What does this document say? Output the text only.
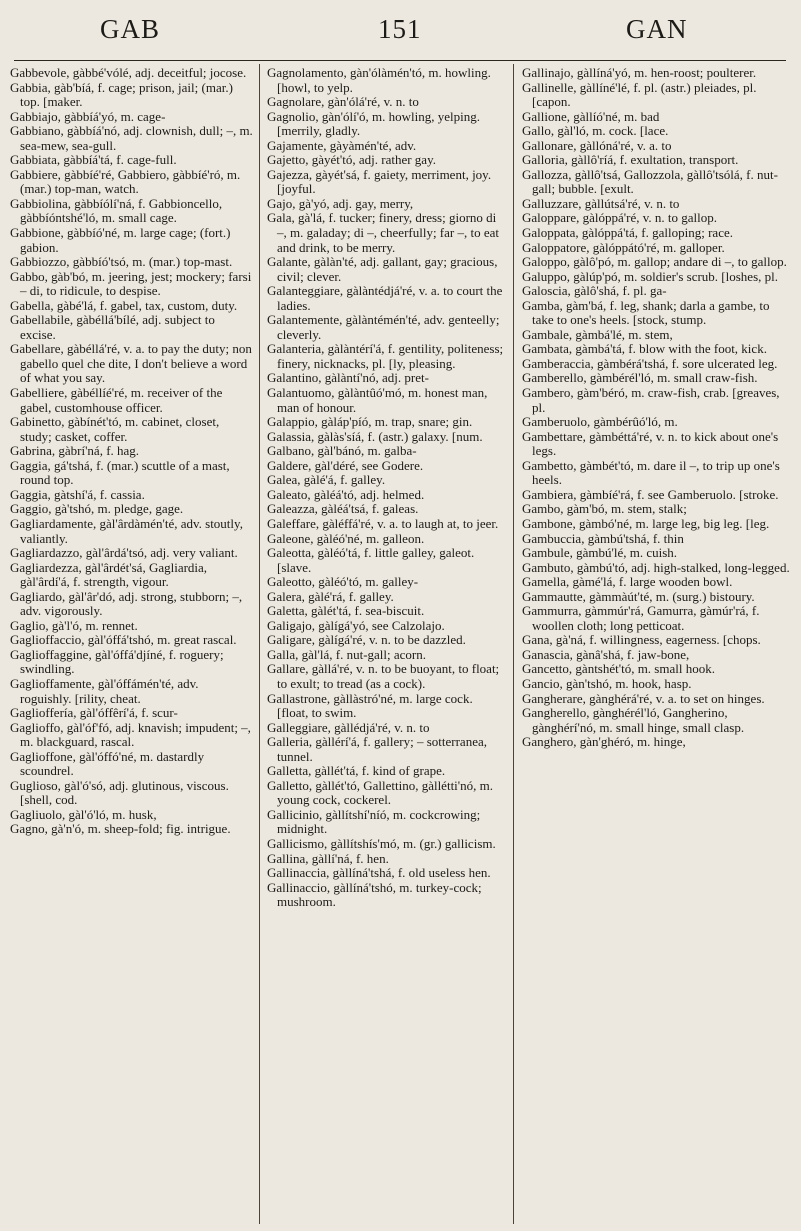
GAB	151	GAN

Gabbevole, gàbbé'vólé, adj. deceitful; jocose.

Gabbia, gàb'bíá, f. cage; prison, jail; (mar.) top. [maker.

Gabbiajo, gàbbíá'yó, m. cage-

Gabbiano, gàbbíá'nó, adj. clownish, dull; –, m. sea-mew, sea-gull.

Gabbiata, gàbbíá'tá, f. cage-full.

Gabbiere, gàbbíé'ré, Gabbiero, gàbbíé'ró, m. (mar.) top-man, watch.

Gabbiolina, gàbbíólí'ná, f. Gabbioncello, gàbbíóntshé'ló, m. small cage.

Gabbione, gàbbíó'né, m. large cage; (fort.) gabion.

Gabbiozzo, gàbbíó'tsó, m. (mar.) top-mast.

Gabbo, gàb'bó, m. jeering, jest; mockery; farsi – di, to ridicule, to despise.

Gabella, gàbé'lá, f. gabel, tax, custom, duty.

Gabellabile, gàbéllá'bílé, adj. subject to excise.

Gabellare, gàbéllá'ré, v. a. to pay the duty; non gabello quel che dite, I don't believe a word of what you say.

Gabelliere, gàbéllíé'ré, m. receiver of the gabel, customhouse officer.

Gabinetto, gàbínét'tó, m. cabinet, closet, study; casket, coffer.

Gabrina, gàbrí'ná, f. hag.

Gaggia, gá'tshá, f. (mar.) scuttle of a mast, round top.

Gaggia, gàtshí'á, f. cassia.

Gaggio, gà'tshó, m. pledge, gage.

Gagliardamente, gàl'ârdàmén'té, adv. stoutly, valiantly.

Gagliardazzo, gàl'ârdá'tsó, adj. very valiant.

Gagliardezza, gàl'ârdét'sá, Gagliardia, gàl'ârdí'á, f. strength, vigour.

Gagliardo, gàl'âr'dó, adj. strong, stubborn; –, adv. vigorously.

Gaglio, gà'l'ó, m. rennet.

Gaglioffaccio, gàl'óffá'tshó, m. great rascal.

Gaglioffaggine, gàl'óffá'djíné, f. roguery; swindling.

Gaglioffamente, gàl'óffámén'té, adv. roguishly. [rility, cheat.

Gaglioffería, gàl'óffêrí'á, f. scur-

Gaglioffo, gàl'óf'fó, adj. knavish; impudent; –, m. blackguard, rascal.

Gaglioffone, gàl'óffó'né, m. dastardly scoundrel.

Guglioso, gàl'ó'só, adj. glutinous, viscous. [shell, cod.

Gagliuolo, gàl'ó'ló, m. husk,

Gagno, gà'n'ó, m. sheep-fold; fig. intrigue.

Gagnolamento, gàn'ólàmén'tó, m. howling. [howl, to yelp.

Gagnolare, gàn'ólá'ré, v. n. to

Gagnolio, gàn'ólí'ó, m. howling, yelping. [merrily, gladly.

Gajamente, gàyàmén'té, adv.

Gajetto, gàyét'tó, adj. rather gay.

Gajezza, gàyét'sá, f. gaiety, merriment, joy. [joyful.

Gajo, gà'yó, adj. gay, merry,

Gala, gà'lá, f. tucker; finery, dress; giorno di –, m. galaday; di –, cheerfully; far –, to eat and drink, to be merry.

Galante, gàlàn'té, adj. gallant, gay; gracious, civil; clever.

Galanteggiare, gàlàntédjá'ré, v. a. to court the ladies.

Galantemente, gàlàntémén'té, adv. genteelly; cleverly.

Galanteria, gàlàntérí'á, f. gentility, politeness; finery, nicknacks, pl. [ly, pleasing.

Galantino, gàlàntí'nó, adj. pret-

Galantuomo, gàlàntûó'mó, m. honest man, man of honour.

Galappio, gàláp'píó, m. trap, snare; gin.

Galassia, gàlàs'síá, f. (astr.) galaxy. [num.

Galbano, gàl'bánó, m. galba-

Galdere, gàl'déré, see Godere.

Galea, gàlé'á, f. galley.

Galeato, gàléá'tó, adj. helmed.

Galeazza, gàléá'tsá, f. galeas.

Galeffare, gàléffá'ré, v. a. to laugh at, to jeer.

Galeone, gàléó'né, m. galleon.

Galeotta, gàléó'tá, f. little galley, galeot. [slave.

Galeotto, gàléó'tó, m. galley-

Galera, gàlé'rá, f. galley.

Galetta, gàlét'tá, f. sea-biscuit.

Galigajo, gàlígá'yó, see Calzolajo.

Galigare, gàlígá'ré, v. n. to be dazzled.

Galla, gàl'lá, f. nut-gall; acorn.

Gallare, gàllá'ré, v. n. to be buoyant, to float; to exult; to tread (as a cock).

Gallastrone, gàllàstró'né, m. large cock. [float, to swim.

Galleggiare, gàllédjá'ré, v. n. to

Galleria, gàllérí'á, f. gallery; – sotterranea, tunnel.

Galletta, gàllét'tá, f. kind of grape.

Galletto, gàllét'tó, Gallettino, gàllétti'nó, m. young cock, cockerel.

Gallicinio, gàllítshí'níó, m. cockcrowing; midnight.

Gallicismo, gàllítshís'mó, m. (gr.) gallicism.

Gallina, gàllí'ná, f. hen.

Gallinaccia, gàllíná'tshá, f. old useless hen.

Gallinaccio, gàllíná'tshó, m. turkey-cock; mushroom.

Gallinajo, gàllíná'yó, m. hen-roost; poulterer.

Gallinelle, gàllíné'lé, f. pl. (astr.) pleiades, pl. [capon.

Gallione, gàllíó'né, m. bad

Gallo, gàl'ló, m. cock. [lace.

Gallonare, gàllóná'ré, v. a. to

Galloria, gàllô'ríá, f. exultation, transport.

Gallozza, gàllô'tsá, Gallozzola, gàllô'tsólá, f. nut-gall; bubble. [exult.

Galluzzare, gàllútsá'ré, v. n. to

Galoppare, gàlóppá'ré, v. n. to gallop.

Galoppata, gàlóppá'tá, f. galloping; race.

Galoppatore, gàlóppátó'ré, m. galloper.

Galoppo, gàlô'pó, m. gallop; andare di –, to gallop.

Galuppo, gàlúp'pó, m. soldier's scrub. [loshes, pl.

Galoscia, gàlô'shá, f. pl. ga-

Gamba, gàm'bá, f. leg, shank; darla a gambe, to take to one's heels. [stock, stump.

Gambale, gàmbá'lé, m. stem,

Gambata, gàmbá'tá, f. blow with the foot, kick.

Gamberaccia, gàmbérá'tshá, f. sore ulcerated leg.

Gamberello, gàmbérél'ló, m. small craw-fish.

Gambero, gàm'béró, m. craw-fish, crab. [greaves, pl.

Gamberuolo, gàmbérûó'ló, m.

Gambettare, gàmbéttá'ré, v. n. to kick about one's legs.

Gambetto, gàmbét'tó, m. dare il –, to trip up one's heels.

Gambiera, gàmbíé'rá, f. see Gamberuolo. [stroke.

Gambo, gàm'bó, m. stem, stalk;

Gambone, gàmbó'né, m. large leg, big leg. [leg.

Gambuccia, gàmbú'tshá, f. thin

Gambule, gàmbú'lé, m. cuish.

Gambuto, gàmbú'tó, adj. high-stalked, long-legged.

Gamella, gàmé'lá, f. large wooden bowl.

Gammautte, gàmmàút'té, m. (surg.) bistoury.

Gammurra, gàmmúr'rá, Gamurra, gàmúr'rá, f. woollen cloth; long petticoat.

Gana, gà'ná, f. willingness, eagerness. [chops.

Ganascia, gànâ'shá, f. jaw-bone,

Gancetto, gàntshét'tó, m. small hook.

Gancio, gàn'tshó, m. hook, hasp.

Gangherare, gànghérá'ré, v. a. to set on hinges.

Gangherello, gànghérél'ló, Gangherino, gànghérí'nó, m. small hinge, small clasp.

Ganghero, gàn'ghéró, m. hinge,
